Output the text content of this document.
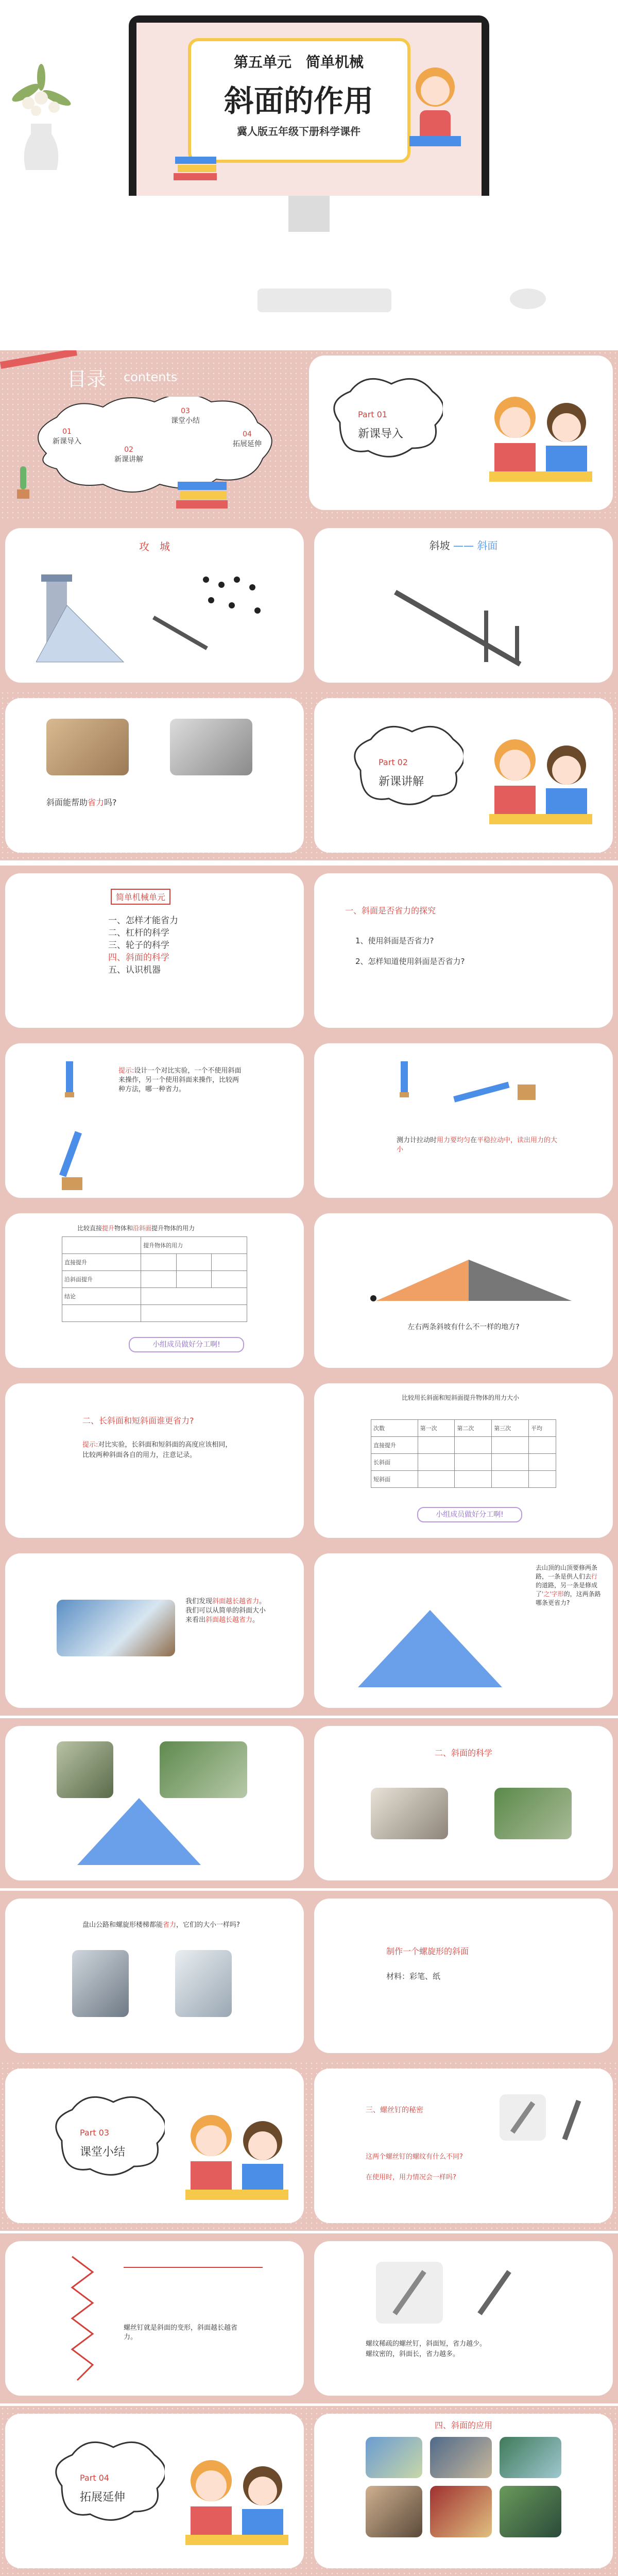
第五单元　简单机械
斜面的作用
冀人版五年级下册科学课件
目录 contents
01
新课导入
02
新课讲解
03
课堂小结
04
拓展延伸
Part 01
新课导入
攻　城	斜坡 —— 斜面
斜面能帮助省力吗?
Part 02
新课讲解
简单机械单元
一、怎样才能省力
二、杠杆的科学
三、轮子的科学
四、斜面的科学
五、认识机器
一、斜面是否省力的探究
1、使用斜面是否省力?
2、怎样知道使用斜面是否省力?
提示:设计一个对比实验，一个不使用斜面来操作，另一个使用斜面来操作，比较两种方法，哪一种省力。
测力计拉动时用力要均匀在平稳拉动中，读出用力的大小
比较直接提升物体和沿斜面提升物体的用力
	提升物体的用力		
直接提升			
沿斜面提升			
结论			

小组成员做好分工啊!
左右两条斜坡有什么不一样的地方?
二、长斜面和短斜面谁更省力?
提示:对比实验，长斜面和短斜面的高度应该相同，比较两种斜面各自的用力，注意记录。
比较用长斜面和短斜面提升物体的用力大小
次数	第一次	第二次	第三次	平均
直接提升				
长斜面				
短斜面				
小组成员做好分工啊!
我们发现斜面越长越省力。我们可以从简单的斜面大小来看出斜面越长越省力。
去山顶的山顶要修两条路，一条是供人们去行的道路，另一条是修成了'之'字形的，这两条路哪条更省力?
二、斜面的科学
盘山公路和螺旋形楼梯都能省力，它们的大小一样吗?
制作一个螺旋形的斜面
材料：彩笔、纸
Part 03
课堂小结
三、螺丝钉的秘密
这两个螺丝钉的螺纹有什么不同?
在使用时，用力情况会一样吗?
螺丝钉就是斜面的变形，斜面越长越省力。
螺纹稀疏的螺丝钉，斜面短，省力越少。
螺纹密的，斜面长，省力越多。
Part 04
拓展延伸
四、斜面的应用
